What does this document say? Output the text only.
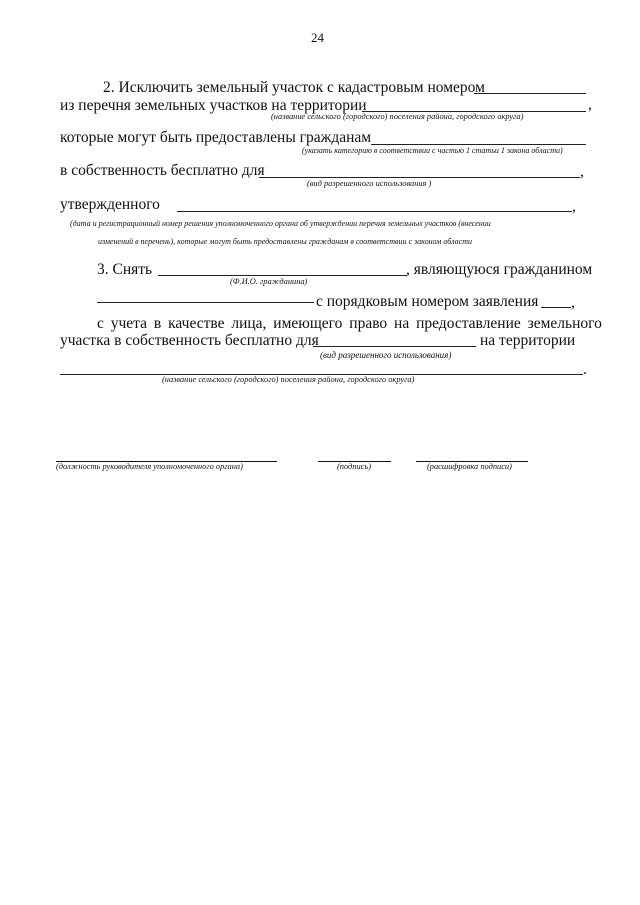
24
2. Исключить земельный участок с кадастровым номером
из перечня земельных участков на территории	,
(название сельского (городского) поселения района, городского округа)
которые могут быть предоставлены гражданам
(указать категорию в соответствии с частью 1 статьи 1 закона области)
в собственность бесплатно для	,
(вид разрешенного использования )
утвержденного	,
(дата и регистрационный номер решения уполномоченного органа об утверждении перечня земельных участков (внесении
изменений в перечень), которые могут быть предоставлены гражданам в соответствии с законом области
3. Снять	, являющуюся гражданином
(Ф.И.О. гражданина)
с порядковым номером заявления ,
с учета в качестве лица, имеющего право на предоставление земельного
участка в собственность бесплатно для	на территории
(вид разрешенного использования)
.
(название сельского (городского) поселения района, городского округа)
(должность руководителя уполномоченного органа)	(подпись)	(расшифровка подписи)
